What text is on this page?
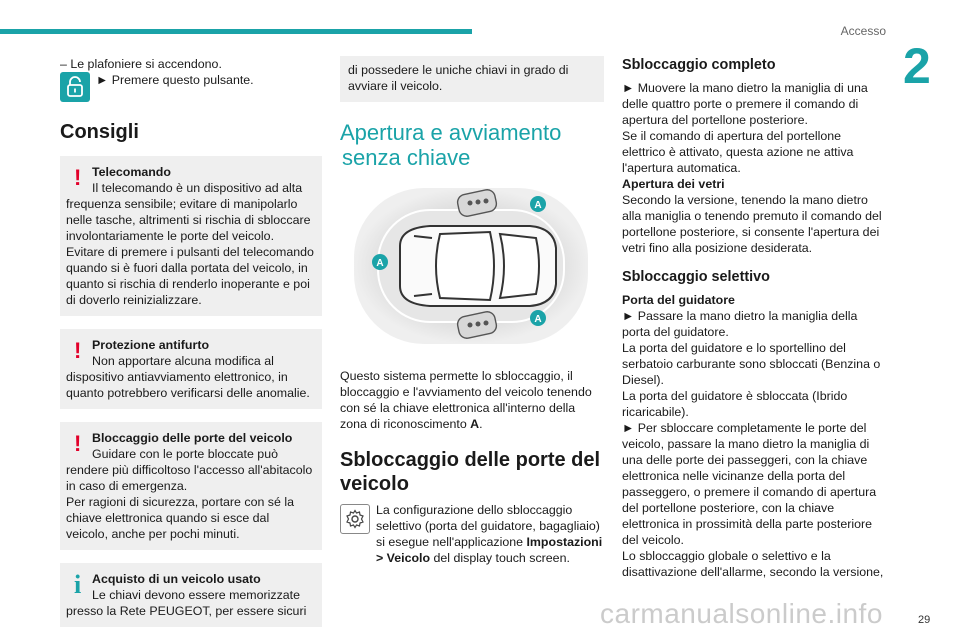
Accesso
2

– Le plafoniere si accendono.

► Premere questo pulsante.
Consigli
! Telecomando
Il telecomando è un dispositivo ad alta frequenza sensibile; evitare di manipolarlo nelle tasche, altrimenti si rischia di sbloccare involontariamente le porte del veicolo.
Evitare di premere i pulsanti del telecomando quando si è fuori dalla portata del veicolo, in quanto si rischia di renderlo inoperante e poi di doverlo reinizializzare.
! Protezione antifurto
Non apportare alcuna modifica al dispositivo antiavviamento elettronico, in quanto potrebbero verificarsi delle anomalie.
! Bloccaggio delle porte del veicolo
Guidare con le porte bloccate può rendere più difficoltoso l'accesso all'abitacolo in caso di emergenza.
Per ragioni di sicurezza, portare con sé la chiave elettronica quando si esce dal veicolo, anche per pochi minuti.
i Acquisto di un veicolo usato
Le chiavi devono essere memorizzate presso la Rete PEUGEOT, per essere sicuri
di possedere le uniche chiavi in grado di avviare il veicolo.
Apertura e avviamento

senza chiave
A
A
A

Questo sistema permette lo sbloccaggio, il bloccaggio e l'avviamento del veicolo tenendo con sé la chiave elettronica all'interno della zona di riconoscimento A.

Sbloccaggio delle porte del veicolo

La configurazione dello sbloccaggio selettivo (porta del guidatore, bagagliaio) si esegue nell'applicazione Impostazioni > Veicolo del display touch screen.

Sbloccaggio completo

► Muovere la mano dietro la maniglia di una delle quattro porte o premere il comando di apertura del portellone posteriore.

Se il comando di apertura del portellone elettrico è attivato, questa azione ne attiva l'apertura automatica.

Apertura dei vetri

Secondo la versione, tenendo la mano dietro alla maniglia o tenendo premuto il comando del portellone posteriore, si consente l'apertura dei vetri fino alla posizione desiderata.

Sbloccaggio selettivo

Porta del guidatore

► Passare la mano dietro la maniglia della porta del guidatore.

La porta del guidatore e lo sportellino del serbatoio carburante sono sbloccati (Benzina o Diesel).

La porta del guidatore è sbloccata (Ibrido ricaricabile).

► Per sbloccare completamente le porte del veicolo, passare la mano dietro la maniglia di una delle porte dei passeggeri, con la chiave elettronica nelle vicinanze della porta del passeggero, o premere il comando di apertura del portellone posteriore, con la chiave elettronica in prossimità della parte posteriore del veicolo.

Lo sbloccaggio globale o selettivo e la disattivazione dell'allarme, secondo la versione,

carmanualsonline.info	29
